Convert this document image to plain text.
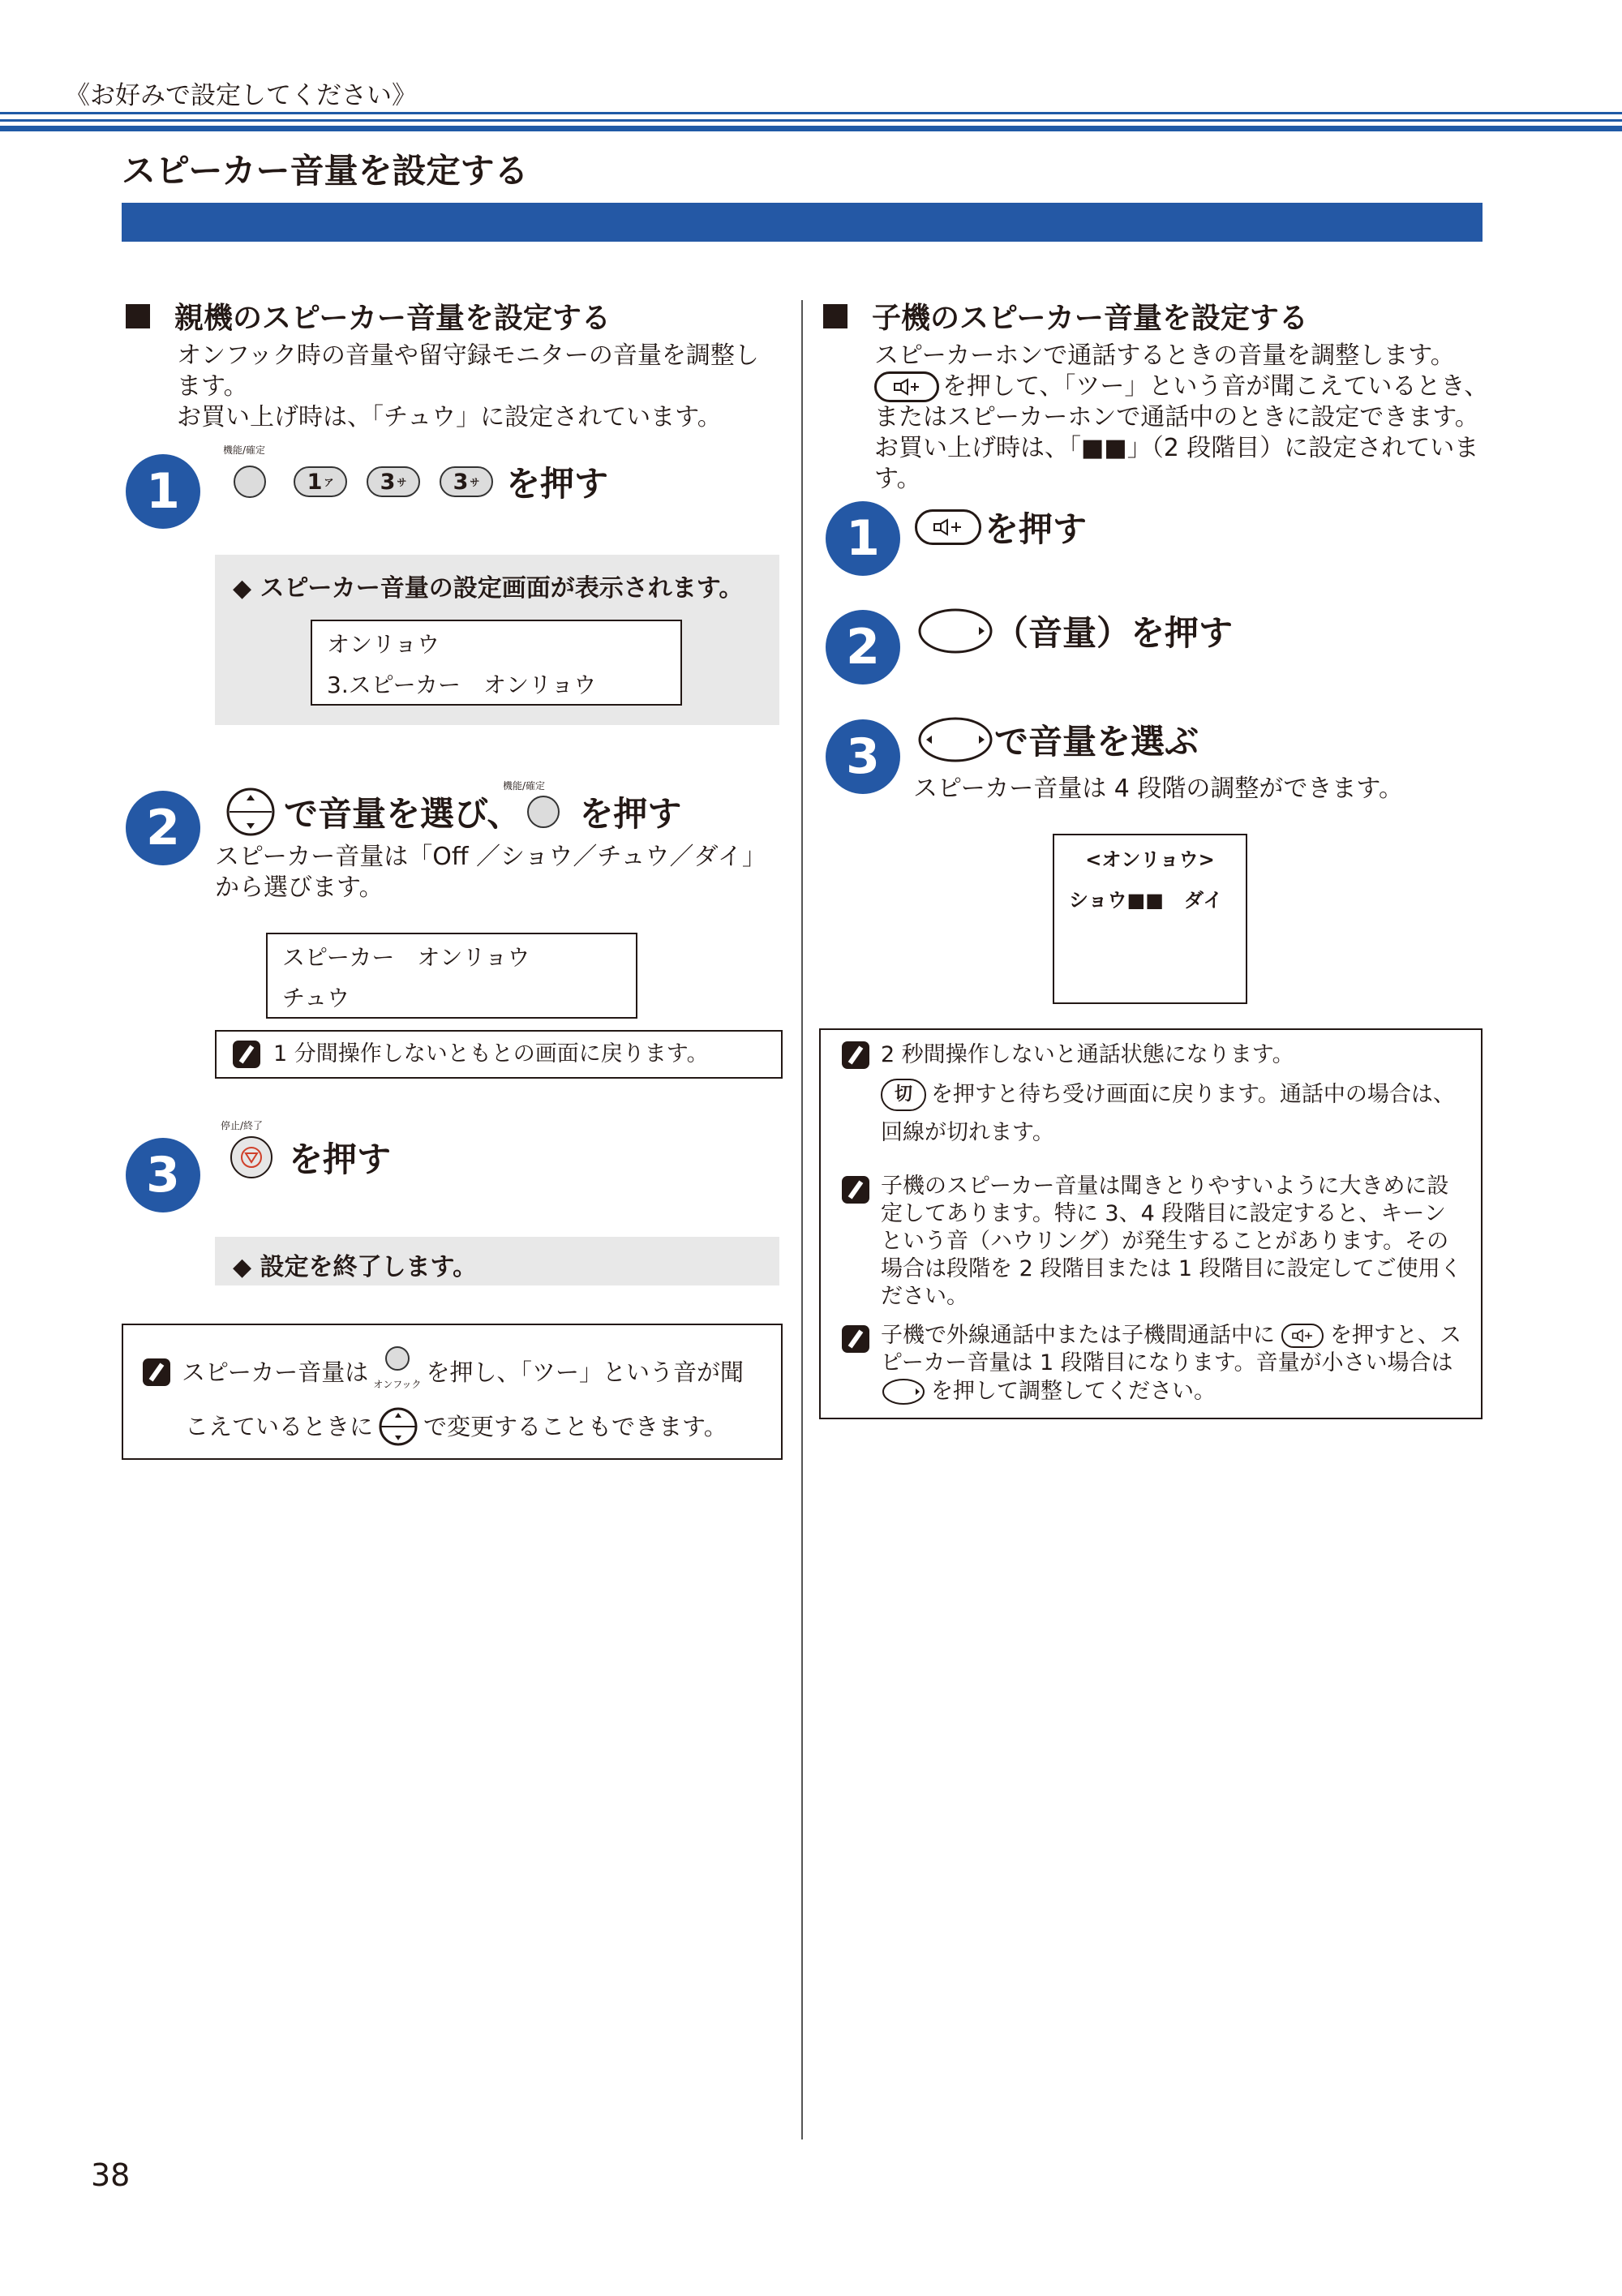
《お好みで設定してください》
スピーカー音量を設定する
親機のスピーカー音量を設定する
オンフック時の音量や留守録モニターの音量を調整し
ます。
お買い上げ時は、「チュウ」に設定されています。
1
機能/確定
1 ア 3 サ 3 サ を押す
◆ スピーカー音量の設定画面が表示されます。
オンリョウ
3.スピーカー　オンリョウ
2
機能/確定
で音量を選び、 を押す
スピーカー音量は「Off ／ショウ／チュウ／ダイ」
から選びます。
スピーカー　オンリョウ
チュウ
1 分間操作しないともとの画面に戻ります。
3
停止/終了
を押す
◆ 設定を終了します。
スピーカー音量は オンフック を押し、「ツー」という音が聞
こえているときに で変更することもできます。
子機のスピーカー音量を設定する
スピーカーホンで通話するときの音量を調整します。
を押して、「ツー」という音が聞こえているとき、
またはスピーカーホンで通話中のときに設定できます。
お買い上げ時は、「■■」（2 段階目）に設定されています。
1	を押す
2	（音量）を押す
3	で音量を選ぶ
スピーカー音量は 4 段階の調整ができます。
<オンリョウ>
ショウ■■ ダイ
2 秒間操作しないと通話状態になります。
切 を押すと待ち受け画面に戻ります。通話中の場合は、
回線が切れます。
子機のスピーカー音量は聞きとりやすいように大きめに設
定してあります。特に 3、4 段階目に設定すると、キーン
という音（ハウリング）が発生することがあります。その
場合は段階を 2 段階目または 1 段階目に設定してご使用く
ださい。
子機で外線通話中または子機間通話中に	を押すと、ス
ピーカー音量は 1 段階目になります。音量が小さい場合は
を押して調整してください。
38
